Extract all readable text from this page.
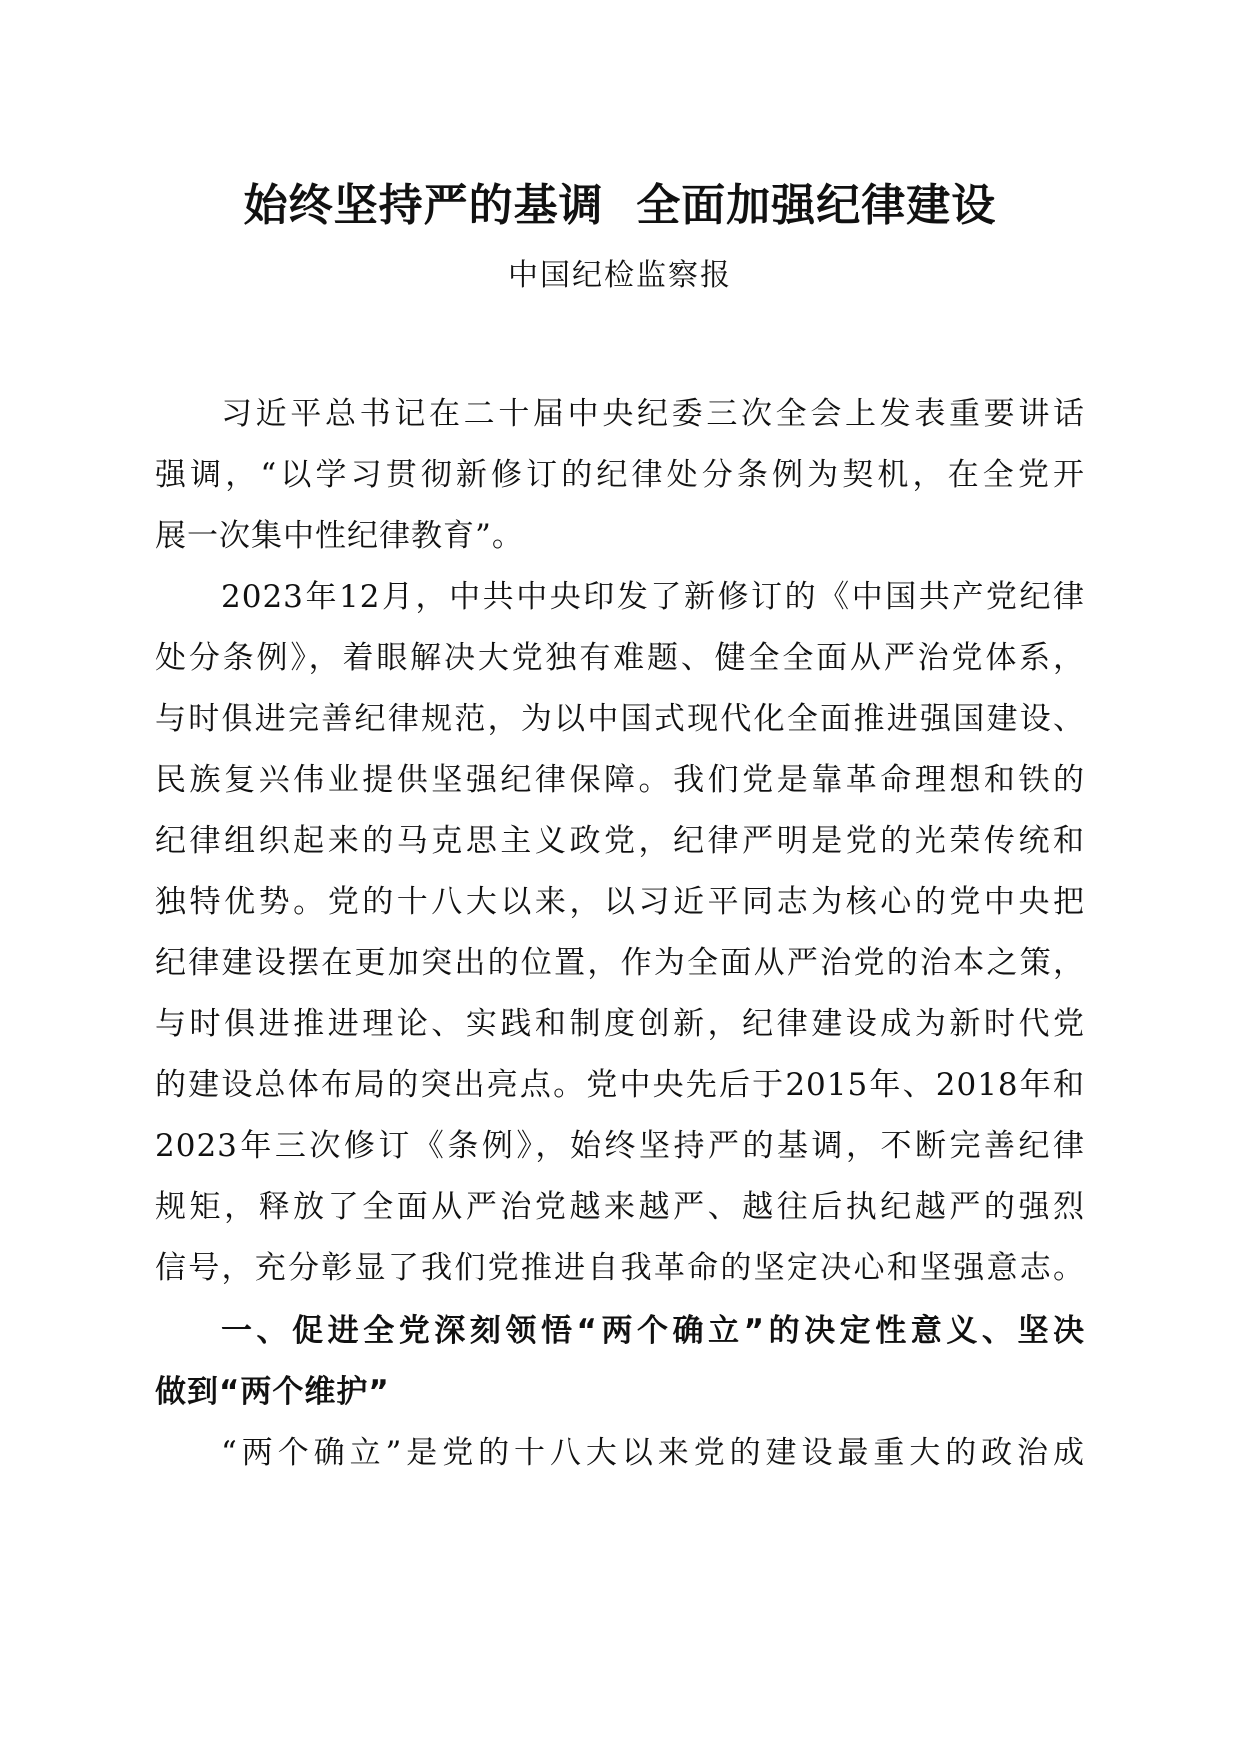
始终坚持严的基调  全面加强纪律建设
中国纪检监察报
习近平总书记在二十届中央纪委三次全会上发表重要讲话
强调，“以学习贯彻新修订的纪律处分条例为契机，在全党开
展一次集中性纪律教育”。
2023年12月，中共中央印发了新修订的《中国共产党纪律
处分条例》，着眼解决大党独有难题、健全全面从严治党体系，
与时俱进完善纪律规范，为以中国式现代化全面推进强国建设、
民族复兴伟业提供坚强纪律保障。我们党是靠革命理想和铁的
纪律组织起来的马克思主义政党，纪律严明是党的光荣传统和
独特优势。党的十八大以来，以习近平同志为核心的党中央把
纪律建设摆在更加突出的位置，作为全面从严治党的治本之策，
与时俱进推进理论、实践和制度创新，纪律建设成为新时代党
的建设总体布局的突出亮点。党中央先后于2015年、2018年和
2023年三次修订《条例》，始终坚持严的基调，不断完善纪律
规矩，释放了全面从严治党越来越严、越往后执纪越严的强烈
信号，充分彰显了我们党推进自我革命的坚定决心和坚强意志。
一、促进全党深刻领悟“两个确立”的决定性意义、坚决
做到“两个维护”
“两个确立”是党的十八大以来党的建设最重大的政治成
